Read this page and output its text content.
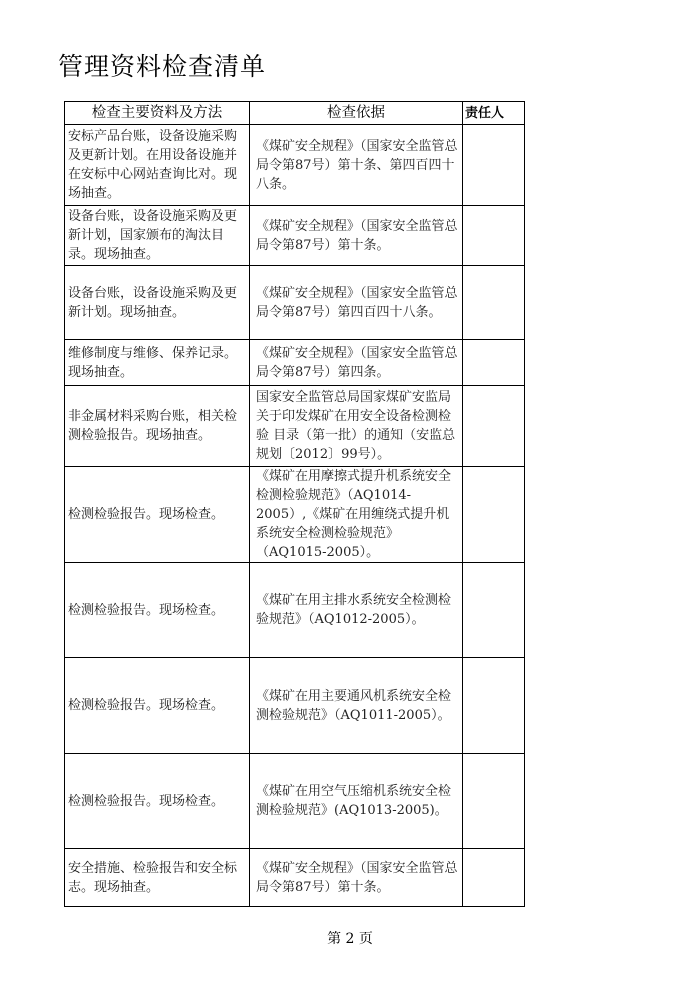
管理资料检查清单
检查主要资料及方法	检查依据	责任人
安标产品台账，设备设施采购及更新计划。在用设备设施并在安标中心网站查询比对。现场抽查。	《煤矿安全规程》（国家安全监管总局令第87号）第十条、第四百四十八条。	
设备台账，设备设施采购及更新计划，国家颁布的淘汰目录。现场抽查。	《煤矿安全规程》（国家安全监管总局令第87号）第十条。	
设备台账，设备设施采购及更新计划。现场抽查。	《煤矿安全规程》（国家安全监管总局令第87号）第四百四十八条。	
维修制度与维修、保养记录。现场抽查。	《煤矿安全规程》（国家安全监管总局令第87号）第四条。	
非金属材料采购台账，相关检测检验报告。现场抽查。	国家安全监管总局国家煤矿安监局关于印发煤矿在用安全设备检测检验 目录（第一批）的通知（安监总规划〔2012〕99号）。	
检测检验报告。现场检查。	《煤矿在用摩擦式提升机系统安全检测检验规范》（AQ1014-2005）,《煤矿在用缠绕式提升机系统安全检测检验规范》（AQ1015-2005）。	
检测检验报告。现场检查。	《煤矿在用主排水系统安全检测检验规范》（AQ1012-2005）。	
检测检验报告。现场检查。	《煤矿在用主要通风机系统安全检测检验规范》（AQ1011-2005）。	
检测检验报告。现场检查。	《煤矿在用空气压缩机系统安全检测检验规范》(AQ1013-2005)。	
安全措施、检验报告和安全标志。现场抽查。	《煤矿安全规程》（国家安全监管总局令第87号）第十条。	
第 2 页
